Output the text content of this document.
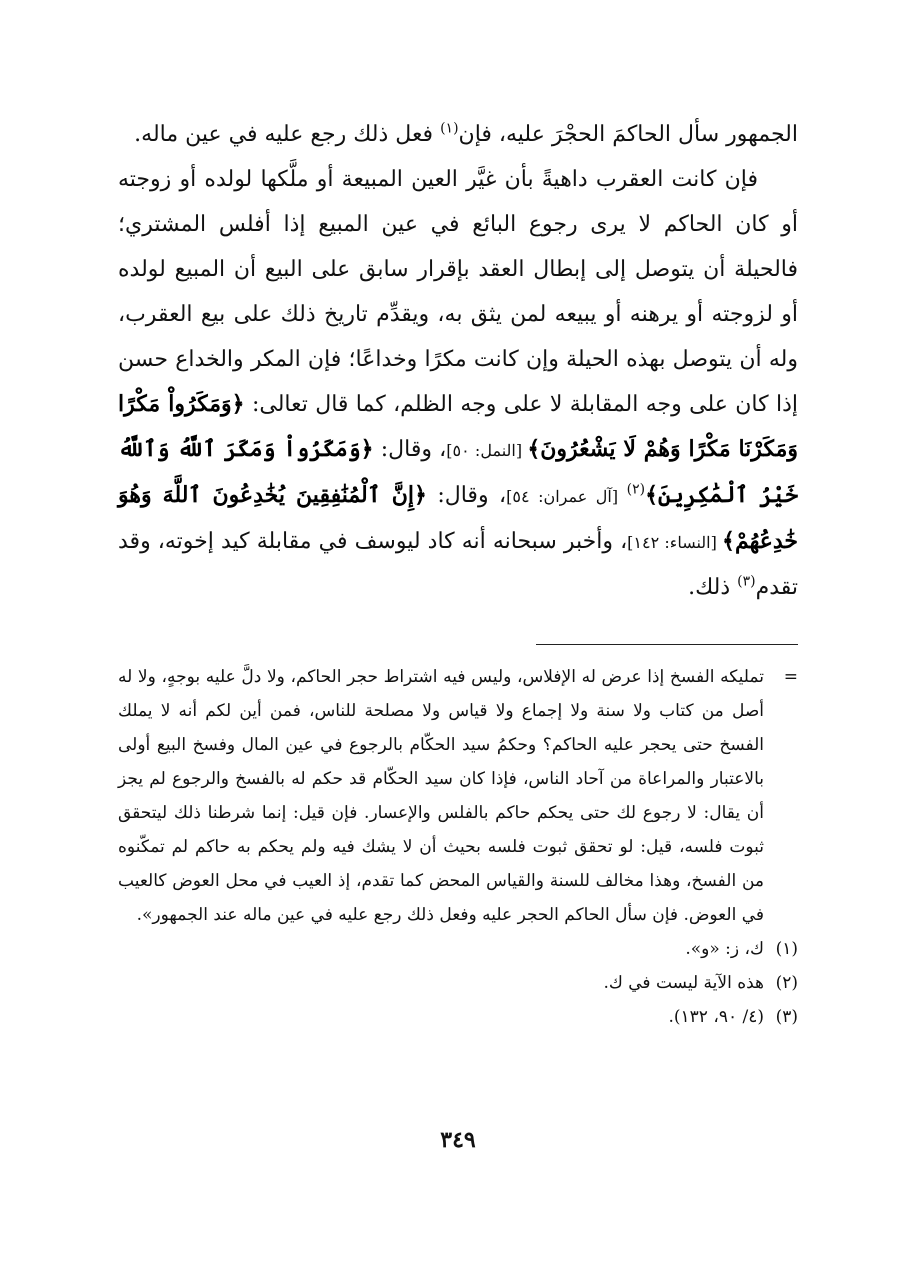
الجمهور سأل الحاكمَ الحجْرَ عليه، فإن$^{(١)}$ فعل ذلك رجع عليه في عين ماله.

فإن كانت العقرب داهيةً بأن غيَّر العين المبيعة أو ملَّكها لولده أو زوجته أو كان الحاكم لا يرى رجوع البائع في عين المبيع إذا أفلس المشتري؛ فالحيلة أن يتوصل إلى إبطال العقد بإقرار سابق على البيع أن المبيع لولده أو لزوجته أو يرهنه أو يبيعه لمن يثق به، ويقدِّم تاريخ ذلك على بيع العقرب، وله أن يتوصل بهذه الحيلة وإن كانت مكرًا وخداعًا؛ فإن المكر والخداع حسن إذا كان على وجه المقابلة لا على وجه الظلم، كما قال تعالى: ﴿وَمَكَرُواْ مَكْرًا وَمَكَرْنَا مَكْرًا وَهُمْ لَا يَشْعُرُونَ﴾ [النمل: ٥٠]، وقال: ﴿وَمَكَرُواْ وَمَكَرَ ٱللَّهُ وَٱللَّهُ خَيْرُ ٱلْمَٰكِرِينَ﴾$^{(٢)}$ [آل عمران: ٥٤]، وقال: ﴿إِنَّ ٱلْمُنَٰفِقِينَ يُخَٰدِعُونَ ٱللَّهَ وَهُوَ خَٰدِعُهُمْ﴾ [النساء: ١٤٢]، وأخبر سبحانه أنه كاد ليوسف في مقابلة كيد إخوته، وقد تقدم$^{(٣)}$ ذلك.

=
تمليكه الفسخ إذا عرض له الإفلاس، وليس فيه اشتراط حجر الحاكم، ولا دلَّ عليه بوجهٍ، ولا له أصل من كتاب ولا سنة ولا إجماع ولا قياس ولا مصلحة للناس، فمن أين لكم أنه لا يملك الفسخ حتى يحجر عليه الحاكم؟ وحكمُ سيد الحكّام بالرجوع في عين المال وفسخ البيع أولى بالاعتبار والمراعاة من آحاد الناس، فإذا كان سيد الحكّام قد حكم له بالفسخ والرجوع لم يجز أن يقال: لا رجوع لك حتى يحكم حاكم بالفلس والإعسار. فإن قيل: إنما شرطنا ذلك ليتحقق ثبوت فلسه، قيل: لو تحقق ثبوت فلسه بحيث أن لا يشك فيه ولم يحكم به حاكم لم تمكّنوه من الفسخ، وهذا مخالف للسنة والقياس المحض كما تقدم، إذ العيب في محل العوض كالعيب في العوض. فإن سأل الحاكم الحجر عليه وفعل ذلك رجع عليه في عين ماله عند الجمهور».

(١)ك، ز: «و».

(٢)هذه الآية ليست في ك.

(٣)(٤/ ٩٠، ١٣٢).

٣٤٩
